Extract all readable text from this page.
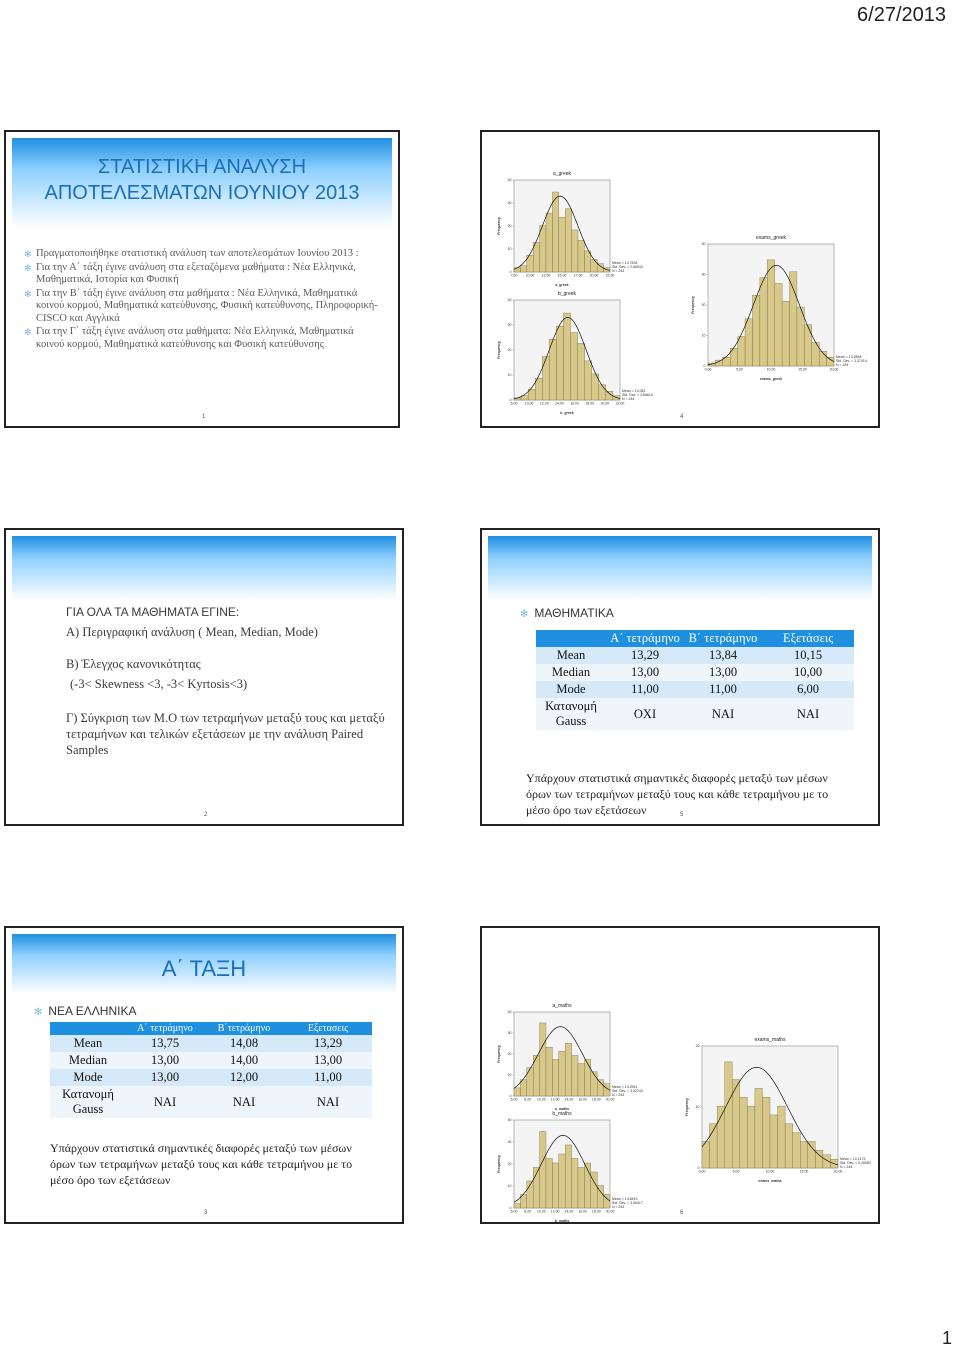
6/27/2013
ΣΤΑΤΙΣΤΙΚΗ ΑΝΑΛΥΣΗ
ΑΠΟΤΕΛΕΣΜΑΤΩΝ ΙΟΥΝΙΟΥ 2013
✻ Πραγματοποιήθηκε στατιστική ανάλυση των αποτελεσμάτων Ιουνίου 2013 :
✻ Για την Α΄ τάξη έγινε ανάλυση στα εξεταζόμενα μαθήματα : Νέα Ελληνικά, Μαθηματικά, Ιστορία και Φυσική
✻ Για την Β΄ τάξη έγινε ανάλυση στα μαθήματα : Νέα Ελληνικά, Μαθηματικά κοινού κορμού, Μαθηματικά κατεύθυνσης, Φυσική κατεύθυνσης, Πληροφορική-CISCO και Αγγλικά
✻ Για την Γ΄ τάξη έγινε ανάλυση στα μαθήματα: Νέα Ελληνικά, Μαθηματικά κοινού κορμού, Μαθηματικά κατεύθυνσης και Φυσική κατεύθυνσης
1
a_greek
0
10
20
30
40
Frequency
7,50 10,00 12,50 15,00 17,50 20,00 22,50
a_greek
Mean = 13,7534
Std. Dev. = 2,66944
N = 244
b_greek
0
10
20
30
40
Frequency
6,00 10,00 12,00 14,00 16,00 18,00 20,00 22,00
b_greek
Mean = 14,082
Std. Dev. = 2,66616
N = 244
exams_greek
0
10
20
30
40
Frequency
0,00	5,00	10,00	15,00	20,00
exams_greek
Mean = 13,2868
Std. Dev. = 3,37414
N = 244
4
ΓΙΑ ΟΛΑ ΤΑ ΜΑΘΗΜΑΤΑ ΕΓΙΝΕ:
Α) Περιγραφική ανάλυση ( Mean, Median, Mode)
Β) Έλεγχος κανονικότητας
(-3< Skewness <3, -3< Kyrtosis<3)
Γ) Σύγκριση των Μ.Ο των τετραμήνων μεταξύ τους και μεταξύ τετραμήνων και τελικών εξετάσεων με την ανάλυση Paired Samples
2
✻ ΜΑΘΗΜΑΤΙΚΑ
	Α΄ τετράμηνο	Β΄ τετράμηνο	Εξετάσεις
Mean	13,29	13,84	10,15
Median	13,00	13,00	10,00
Mode	11,00	11,00	6,00
Κατανομή Gauss	ΟΧΙ	ΝΑΙ	ΝΑΙ
Υπάρχουν στατιστικά σημαντικές διαφορές μεταξύ των μέσων όρων των τετραμήνων μεταξύ τους και κάθε τετραμήνου με το μέσο όρο των εξετάσεων	5
Α΄ ΤΑΞΗ
✻ ΝΕΑ ΕΛΛΗΝΙΚΑ
	Α΄ τετράμηνο	Β΄τετράμηνο	Εξετασεις
Mean	13,75	14,08	13,29
Median	13,00	14,00	13,00
Mode	13,00	12,00	11,00
Κατανομή Gauss	ΝΑΙ	ΝΑΙ	ΝΑΙ
Υπάρχουν στατιστικά σημαντικές διαφορές μεταξύ των μέσων όρων των τετραμήνων μεταξύ τους και κάθε τετραμήνου με το μέσο όρο των εξετάσεων
3
a_maths
0
10
20
30
40
Frequency
6,00 8,00 10,00 12,00 14,00 16,00 18,00 20,00
a_maths
Mean = 13,2951
Std. Dev. = 3,52244
N = 244
b_maths
0
10
20
30
40
Frequency
6,00 8,00 10,00 12,00 14,00 16,00 18,00 20,00
b_maths
Mean = 13,8443
Std. Dev. = 3,56417
N = 244
exams_maths
0
10
20
Frequency
0,00	5,00	10,00	15,00	20,00
exams_maths
Mean = 10,1475
Std. Dev. = 5,26983
N = 244
6
1
